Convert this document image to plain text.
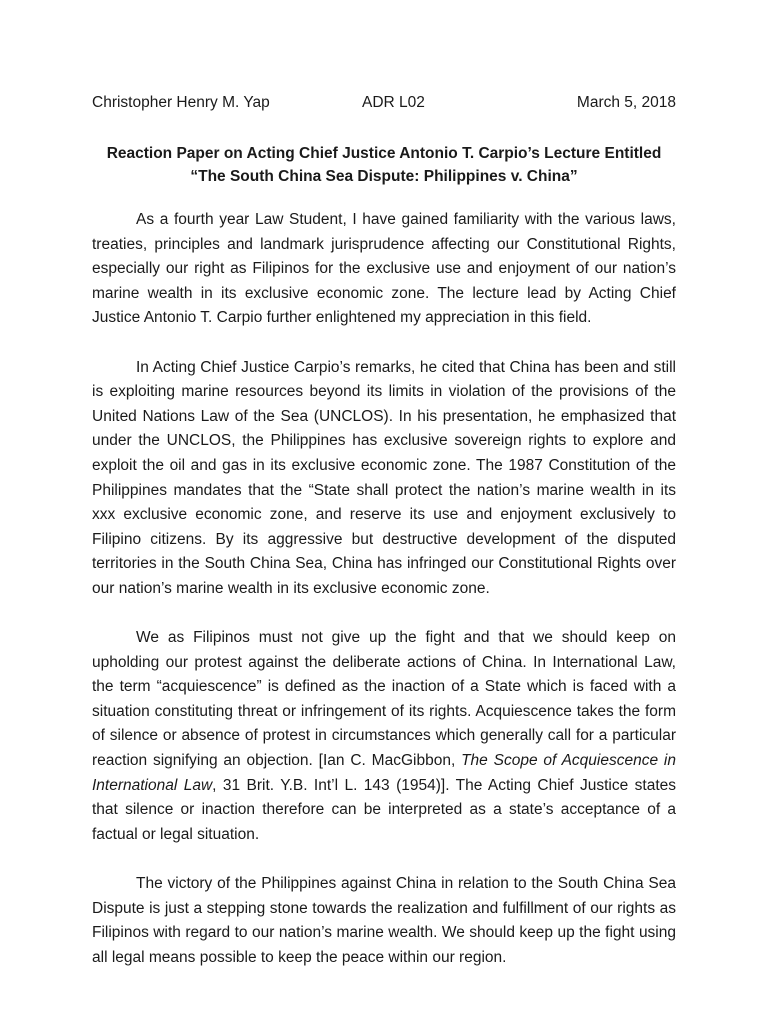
Christopher Henry M. Yap	ADR L02	March 5, 2018
Reaction Paper on Acting Chief Justice Antonio T. Carpio’s Lecture Entitled
“The South China Sea Dispute: Philippines v. China”

As a fourth year Law Student, I have gained familiarity with the various laws, treaties, principles and landmark jurisprudence affecting our Constitutional Rights, especially our right as Filipinos for the exclusive use and enjoyment of our nation’s marine wealth in its exclusive economic zone. The lecture lead by Acting Chief Justice Antonio T. Carpio further enlightened my appreciation in this field.

In Acting Chief Justice Carpio’s remarks, he cited that China has been and still is exploiting marine resources beyond its limits in violation of the provisions of the United Nations Law of the Sea (UNCLOS). In his presentation, he emphasized that under the UNCLOS, the Philippines has exclusive sovereign rights to explore and exploit the oil and gas in its exclusive economic zone. The 1987 Constitution of the Philippines mandates that the “State shall protect the nation’s marine wealth in its xxx exclusive economic zone, and reserve its use and enjoyment exclusively to Filipino citizens. By its aggressive but destructive development of the disputed territories in the South China Sea, China has infringed our Constitutional Rights over our nation’s marine wealth in its exclusive economic zone.

We as Filipinos must not give up the fight and that we should keep on upholding our protest against the deliberate actions of China. In International Law, the term “acquiescence” is defined as the inaction of a State which is faced with a situation constituting threat or infringement of its rights. Acquiescence takes the form of silence or absence of protest in circumstances which generally call for a particular reaction signifying an objection. [Ian C. MacGibbon, The Scope of Acquiescence in International Law, 31 Brit. Y.B. Int’l L. 143 (1954)]. The Acting Chief Justice states that silence or inaction therefore can be interpreted as a state’s acceptance of a factual or legal situation.

The victory of the Philippines against China in relation to the South China Sea Dispute is just a stepping stone towards the realization and fulfillment of our rights as Filipinos with regard to our nation’s marine wealth. We should keep up the fight using all legal means possible to keep the peace within our region.
